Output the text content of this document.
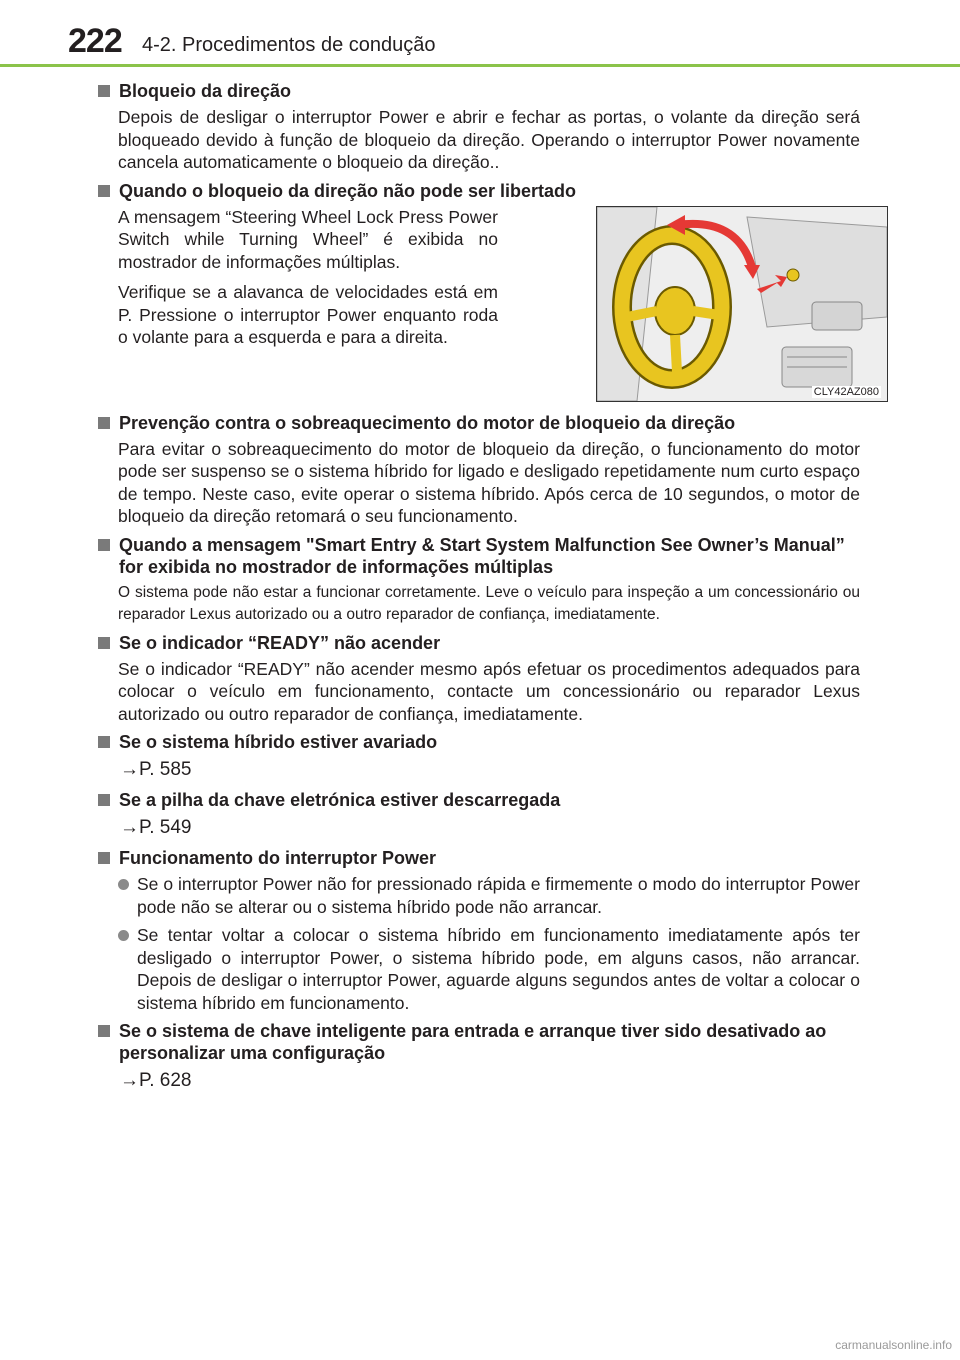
222 4-2. Procedimentos de condução
Bloqueio da direção
Depois de desligar o interruptor Power e abrir e fechar as portas, o volante da direção será bloqueado devido à função de bloqueio da direção. Operando o interruptor Power novamente cancela automaticamente o bloqueio da direção..
Quando o bloqueio da direção não pode ser libertado
A mensagem “Steering Wheel Lock Press Power Switch while Turning Wheel” é exibida no mostrador de informações múltiplas.
Verifique se a alavanca de velocidades está em P. Pressione o interruptor Power enquanto roda o volante para a esquerda e para a direita.
CLY42AZ080
Prevenção contra o sobreaquecimento do motor de bloqueio da direção
Para evitar o sobreaquecimento do motor de bloqueio da direção, o funcionamento do motor pode ser suspenso se o sistema híbrido for ligado e desligado repetidamente num curto espaço de tempo. Neste caso, evite operar o sistema híbrido. Após cerca de 10 segundos, o motor de bloqueio da direção retomará o seu funcionamento.
Quando a mensagem "Smart Entry & Start System Malfunction See Owner’s Manual” for exibida no mostrador de informações múltiplas
O sistema pode não estar a funcionar corretamente. Leve o veículo para inspeção a um concessionário ou reparador Lexus autorizado ou a outro reparador de confiança, imediatamente.
Se o indicador “READY” não acender
Se o indicador “READY” não acender mesmo após efetuar os procedimentos adequados para colocar o veículo em funcionamento, contacte um concessionário ou reparador Lexus autorizado ou outro reparador de confiança, imediatamente.
Se o sistema híbrido estiver avariado
→P. 585
Se a pilha da chave eletrónica estiver descarregada
→P. 549
Funcionamento do interruptor Power
Se o interruptor Power não for pressionado rápida e firmemente o modo do interruptor Power pode não se alterar ou o sistema híbrido pode não arrancar.
Se tentar voltar a colocar o sistema híbrido em funcionamento imediatamente após ter desligado o interruptor Power, o sistema híbrido pode, em alguns casos, não arrancar. Depois de desligar o interruptor Power, aguarde alguns segundos antes de voltar a colocar o sistema híbrido em funcionamento.
Se o sistema de chave inteligente para entrada e arranque tiver sido desativado ao personalizar uma configuração
→P. 628
carmanualsonline.info
